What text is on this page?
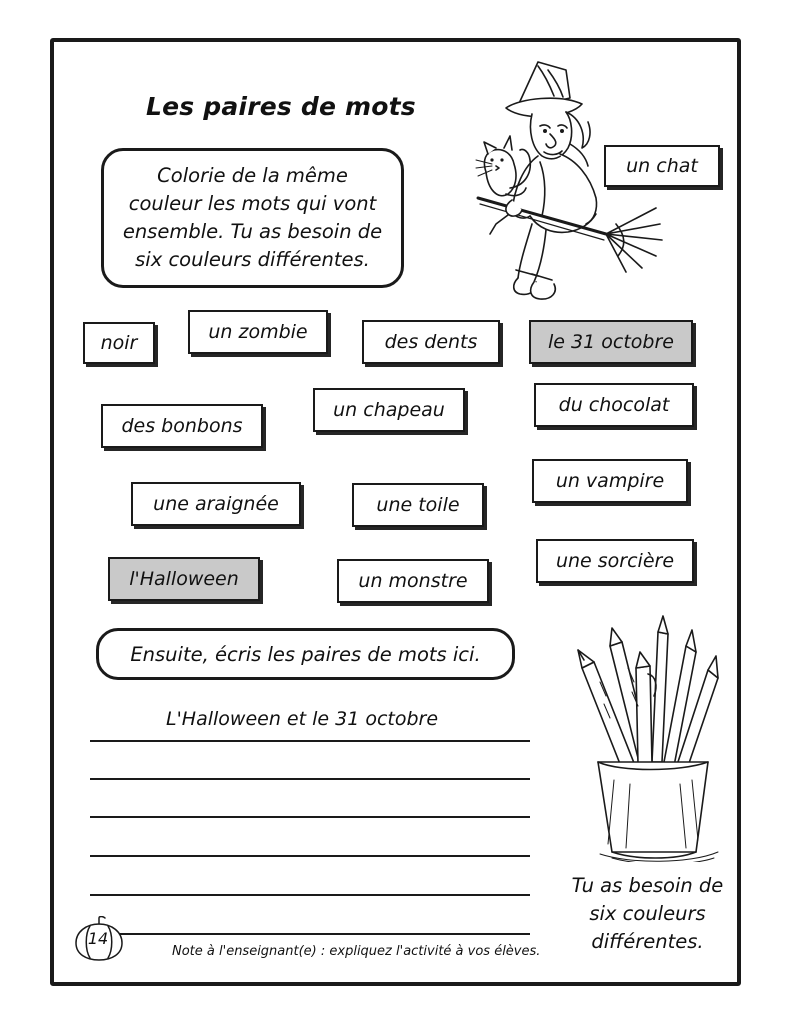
Les paires de mots
Colorie de la même couleur les mots qui vont ensemble. Tu as besoin de six couleurs différentes.
un chat
noir	un zombie	des dents	le 31 octobre
des bonbons
un chapeau	du chocolat
une araignée	une toile
un vampire
l'Halloween	un monstre
une sorcière
Ensuite, écris les paires de mots ici.
L'Halloween et le 31 octobre
Tu as besoin de six couleurs différentes.
14
Note à l'enseignant(e) : expliquez l'activité à vos élèves.
